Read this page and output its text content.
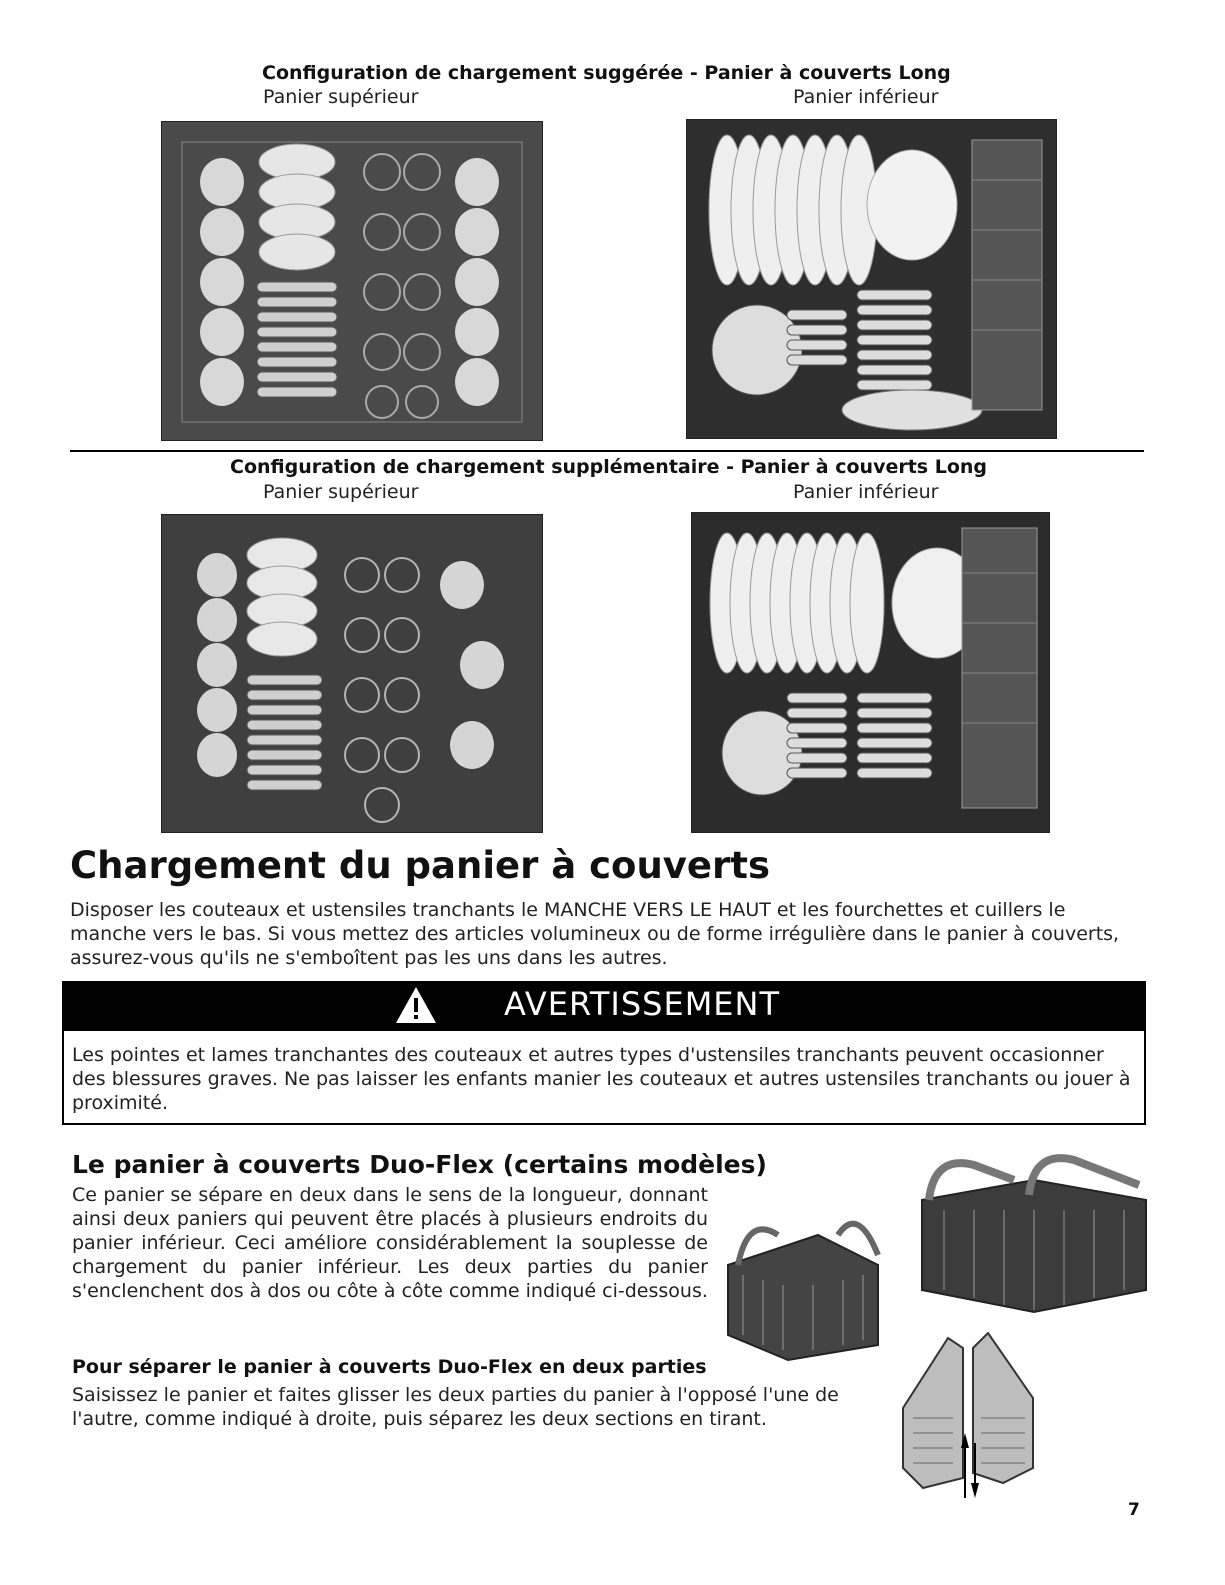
Configuration de chargement suggérée - Panier à couverts Long
Panier supérieur	Panier inférieur
Configuration de chargement supplémentaire - Panier à couverts Long
Panier supérieur	Panier inférieur
Chargement du panier à couverts

Disposer les couteaux et ustensiles tranchants le MANCHE VERS LE HAUT et les fourchettes et cuillers le manche vers le bas. Si vous mettez des articles volumineux ou de forme irrégulière dans le panier à couverts, assurez-vous qu'ils ne s'emboîtent pas les uns dans les autres.

AVERTISSEMENT

Les pointes et lames tranchantes des couteaux et autres types d'ustensiles tranchants peuvent occasionner des blessures graves. Ne pas laisser les enfants manier les couteaux et autres ustensiles tranchants ou jouer à proximité.

Le panier à couverts Duo-Flex (certains modèles)

Ce panier se sépare en deux dans le sens de la longueur, donnant ainsi deux paniers qui peuvent être placés à plusieurs endroits du panier inférieur. Ceci améliore considérablement la souplesse de chargement du panier inférieur. Les deux parties du panier s'enclenchent dos à dos ou côte à côte comme indiqué ci-dessous.

Pour séparer le panier à couverts Duo-Flex en deux parties

Saisissez le panier et faites glisser les deux parties du panier à l'opposé l'une de l'autre, comme indiqué à droite, puis séparez les deux sections en tirant.

7
